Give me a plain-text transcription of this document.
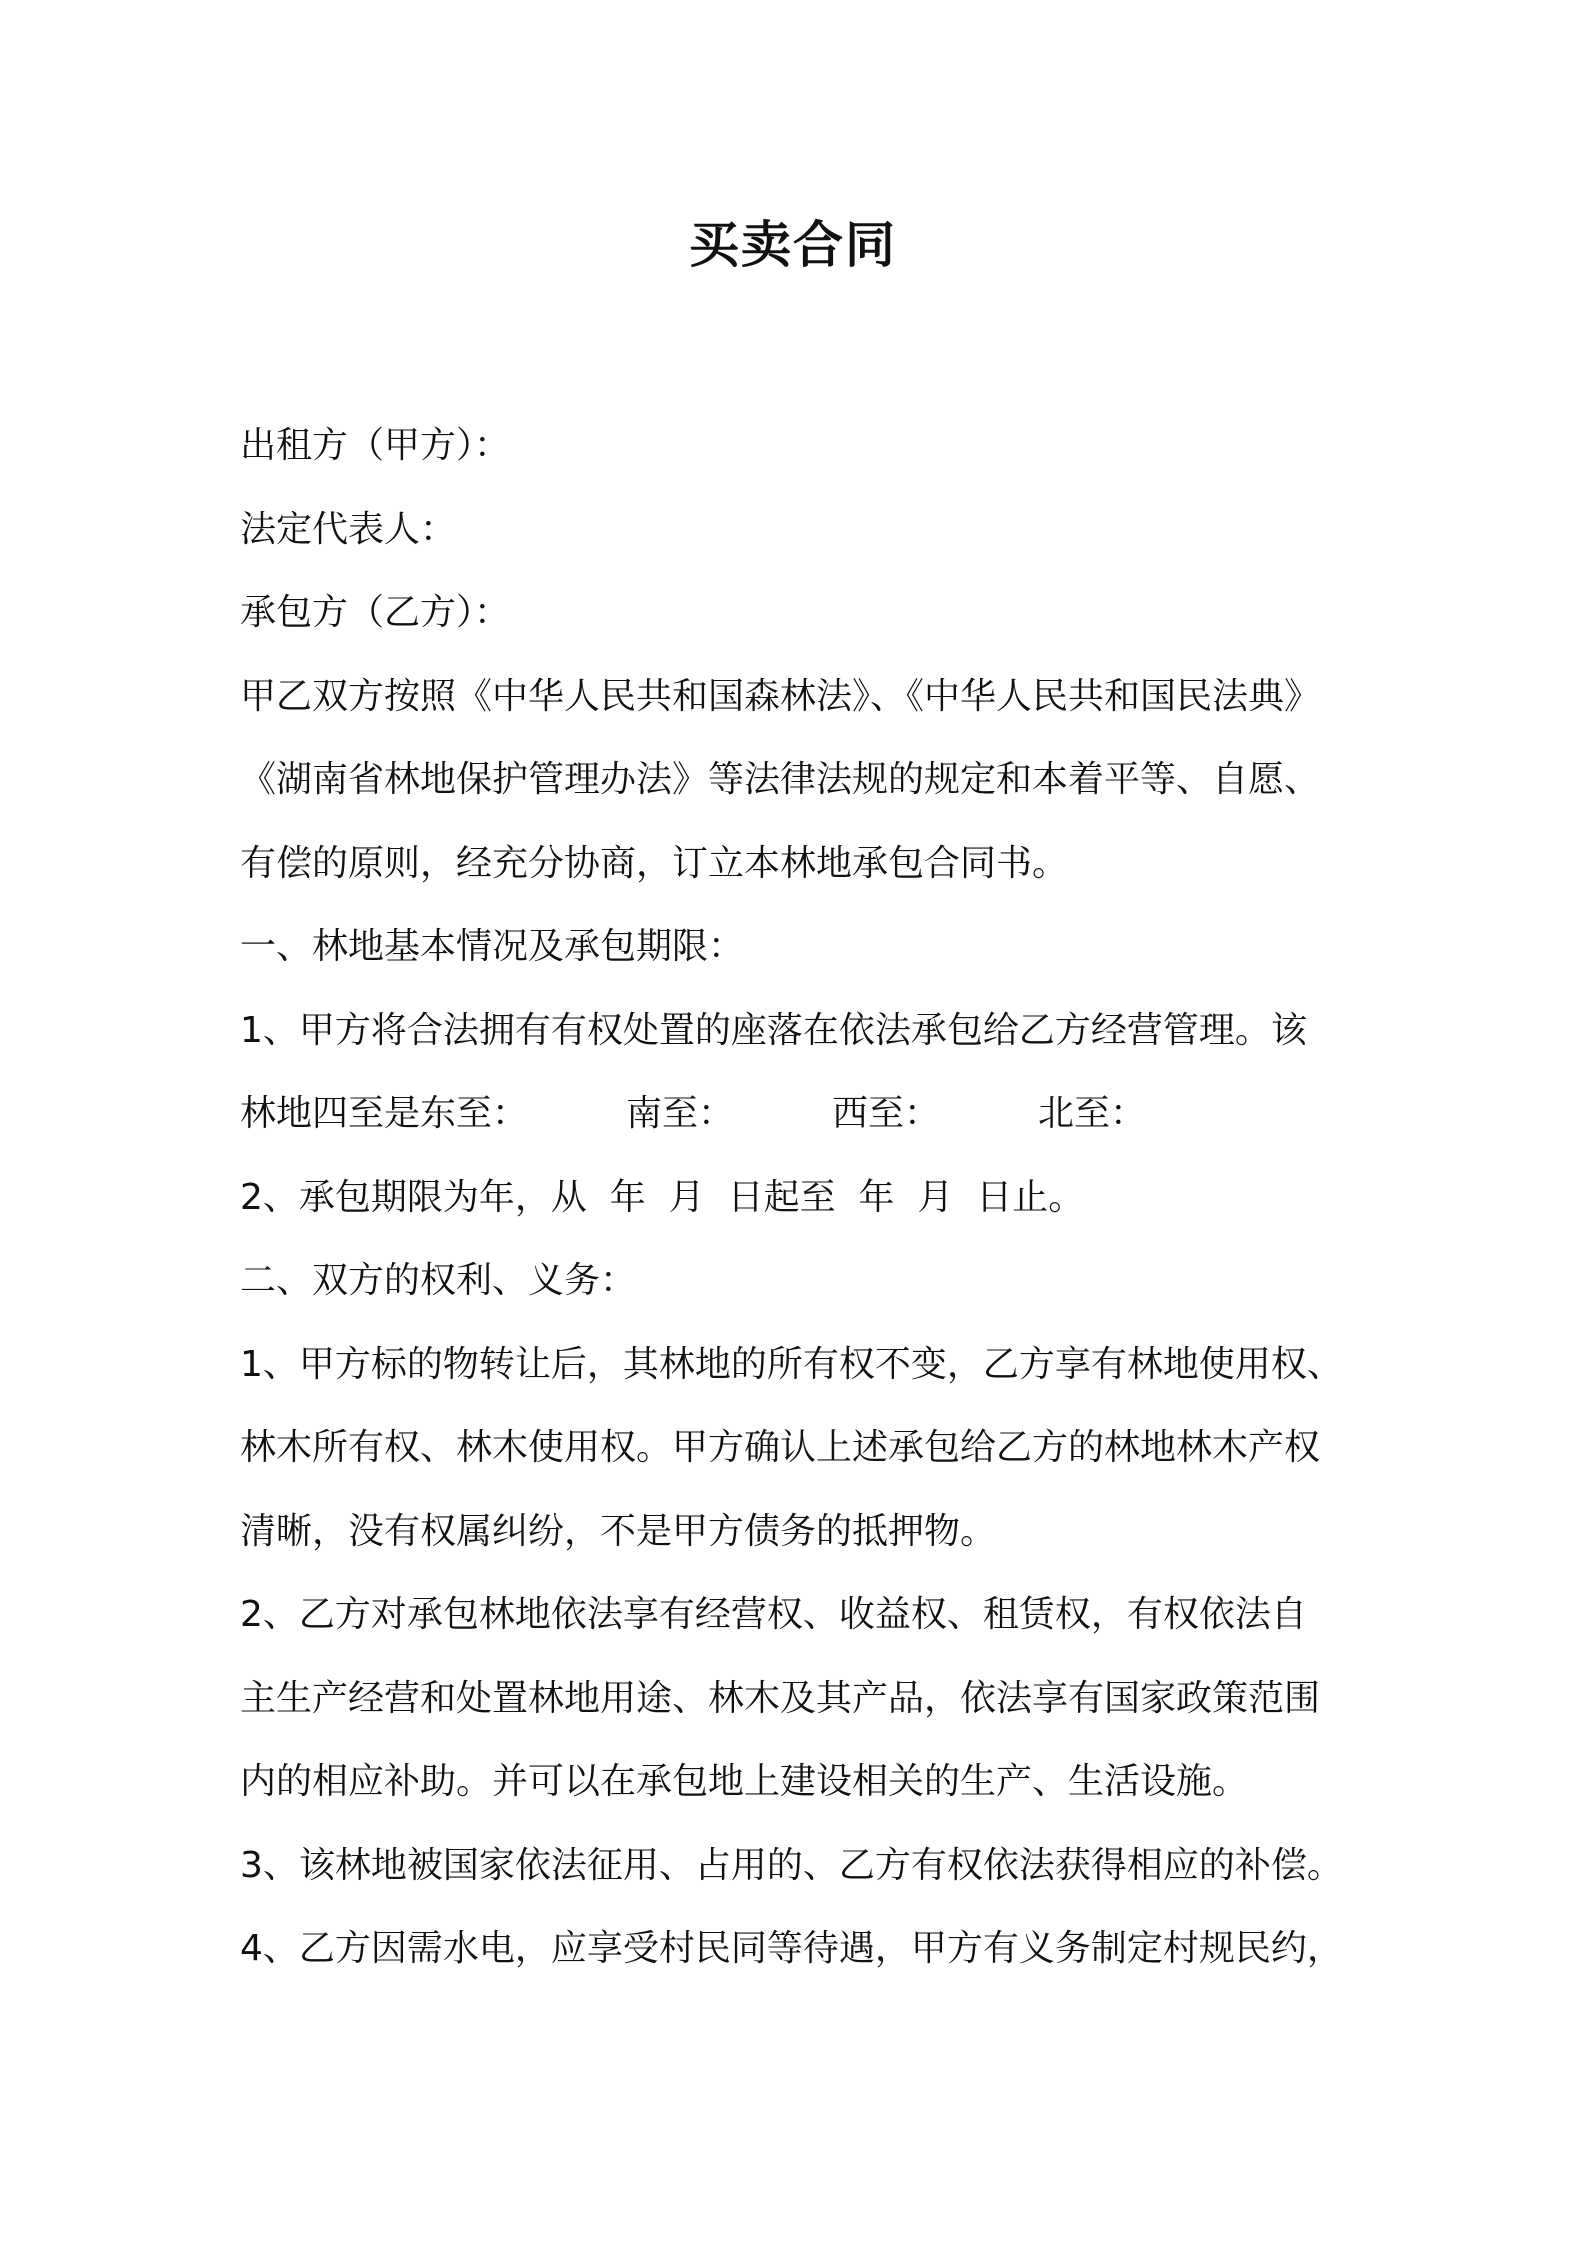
买卖合同
出租方（甲方）：
法定代表人：
承包方（乙方）：
甲乙双方按照《中华人民共和国森林法》、《中华人民共和国民法典》
《湖南省林地保护管理办法》等法律法规的规定和本着平等、自愿、
有偿的原则，经充分协商，订立本林地承包合同书。
一、林地基本情况及承包期限：
1、甲方将合法拥有有权处置的座落在依法承包给乙方经营管理。该
林地四至是东至：	南至：	西至：	北至：
2、承包期限为年，从  年  月  日起至  年  月  日止。
二、双方的权利、义务：
1、甲方标的物转让后，其林地的所有权不变，乙方享有林地使用权、
林木所有权、林木使用权。甲方确认上述承包给乙方的林地林木产权
清晰，没有权属纠纷，不是甲方债务的抵押物。
2、乙方对承包林地依法享有经营权、收益权、租赁权，有权依法自
主生产经营和处置林地用途、林木及其产品，依法享有国家政策范围
内的相应补助。并可以在承包地上建设相关的生产、生活设施。
3、该林地被国家依法征用、占用的、乙方有权依法获得相应的补偿。
4、乙方因需水电，应享受村民同等待遇，甲方有义务制定村规民约，
